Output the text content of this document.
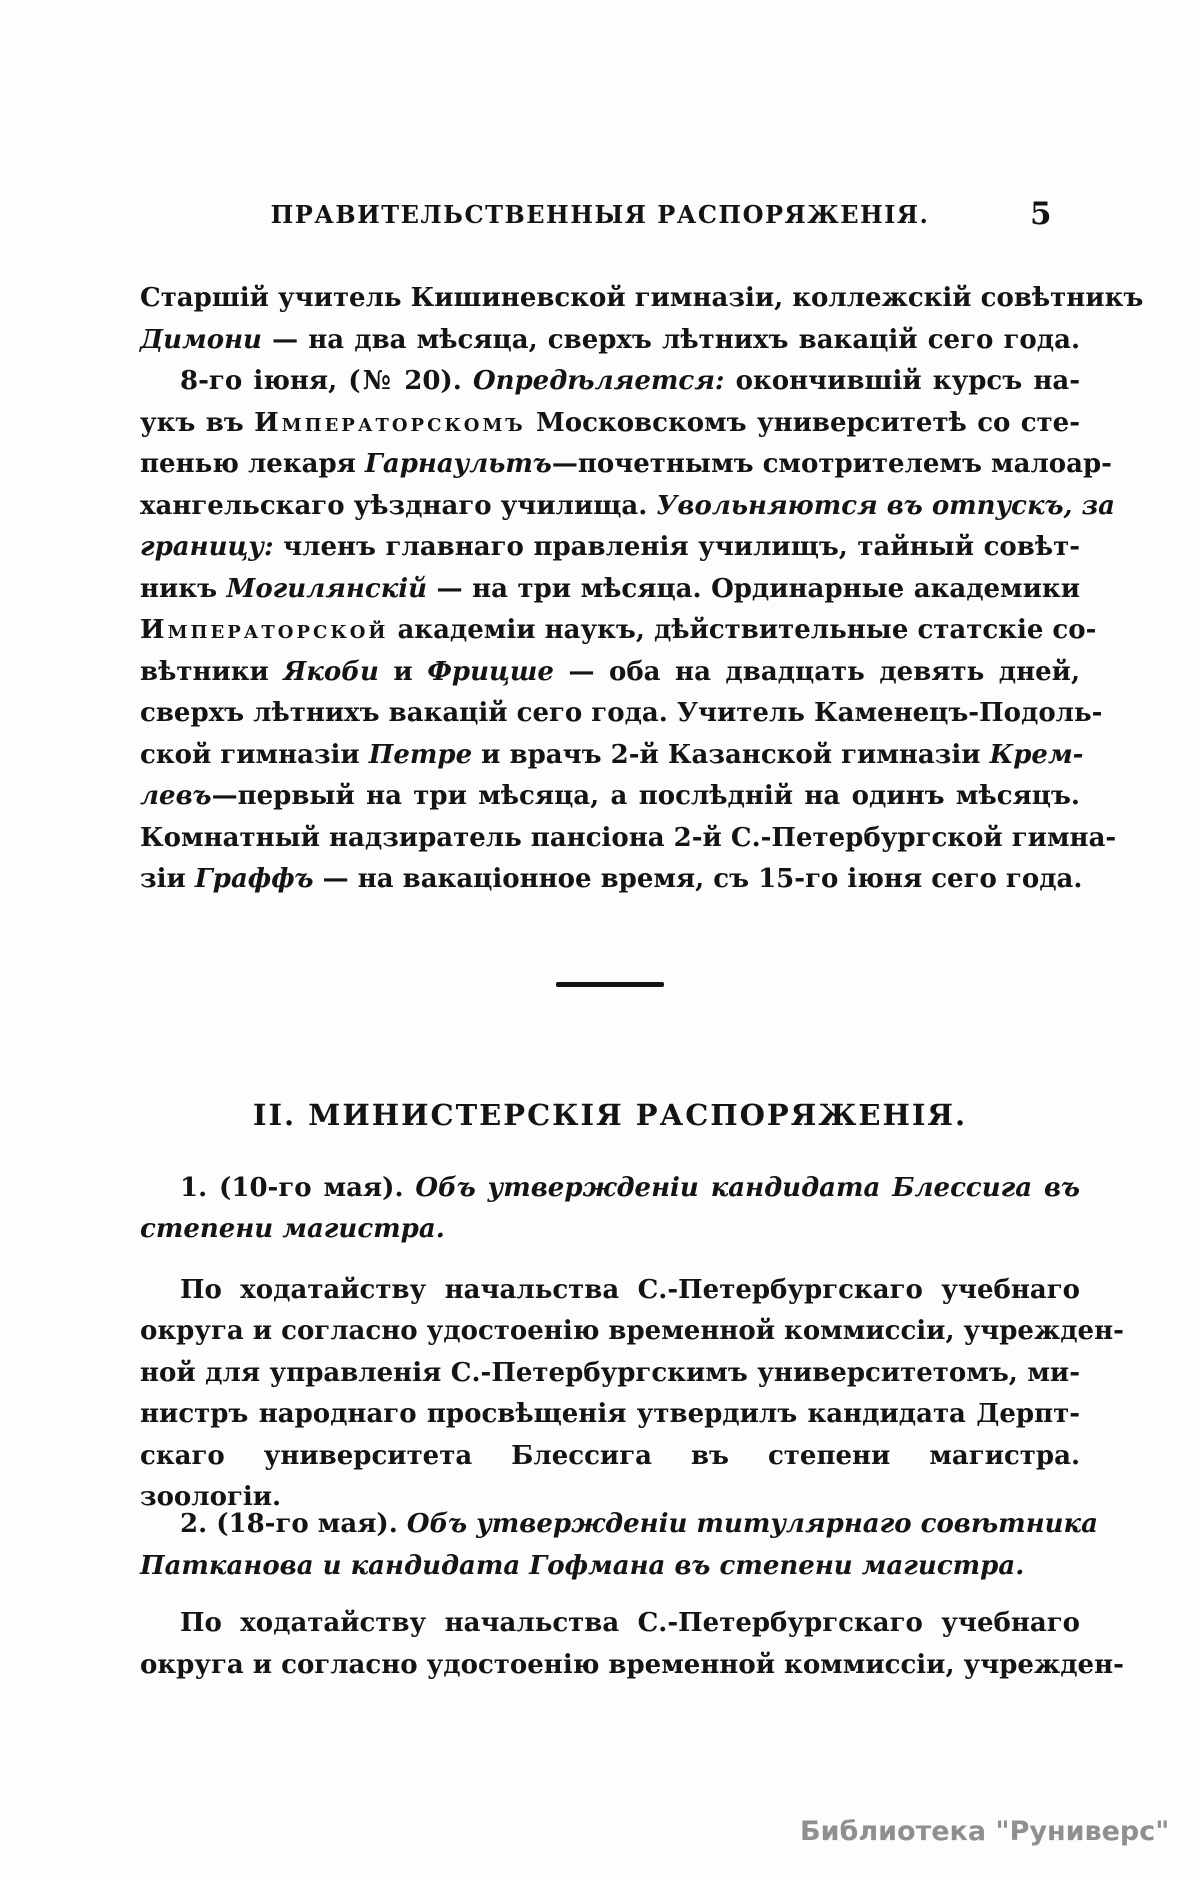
ПРАВИТЕЛЬСТВЕННЫЯ РАСПОРЯЖЕНІЯ.	5
Старшій учитель Кишиневской гимназіи, коллежскій совѣтникъ
Димони — на два мѣсяца, сверхъ лѣтнихъ вакацій сего года.
8-го іюня, (№ 20). Опредѣляется: окончившій курсъ на-
укъ въ Императорскомъ Московскомъ университетѣ со сте-
пенью лекаря Гарнаультъ—почетнымъ смотрителемъ малоар-
хангельскаго уѣзднаго училища. Увольняются въ отпускъ, за
границу: членъ главнаго правленія училищъ, тайный совѣт-
никъ Могилянскій — на три мѣсяца. Ординарные академики
Императорской академіи наукъ, дѣйствительные статскіе со-
вѣтники Якоби и Фрицше — оба на двадцать девять дней,
сверхъ лѣтнихъ вакацій сего года. Учитель Каменецъ-Подоль-
ской гимназіи Петре и врачъ 2-й Казанской гимназіи Крем-
левъ—первый на три мѣсяца, а послѣдній на одинъ мѣсяцъ.
Комнатный надзиратель пансіона 2-й С.-Петербургской гимна-
зіи Граффъ — на вакаціонное время, съ 15-го іюня сего года.
II. МИНИСТЕРСКІЯ РАСПОРЯЖЕНІЯ.
1. (10-го мая). Объ утвержденіи кандидата Блессига въ
степени магистра.
По ходатайству начальства С.-Петербургскаго учебнаго
округа и согласно удостоенію временной коммиссіи, учрежден-
ной для управленія С.-Петербургскимъ университетомъ, ми-
нистръ народнаго просвѣщенія утвердилъ кандидата Дерпт-
скаго университета Блессига въ степени магистра. зоологіи.
2. (18-го мая). Объ утвержденіи титулярнаго совѣтника
Патканова и кандидата Гофмана въ степени магистра.
По ходатайству начальства С.-Петербургскаго учебнаго
округа и согласно удостоенію временной коммиссіи, учрежден-
Библиотека "Руниверс"
